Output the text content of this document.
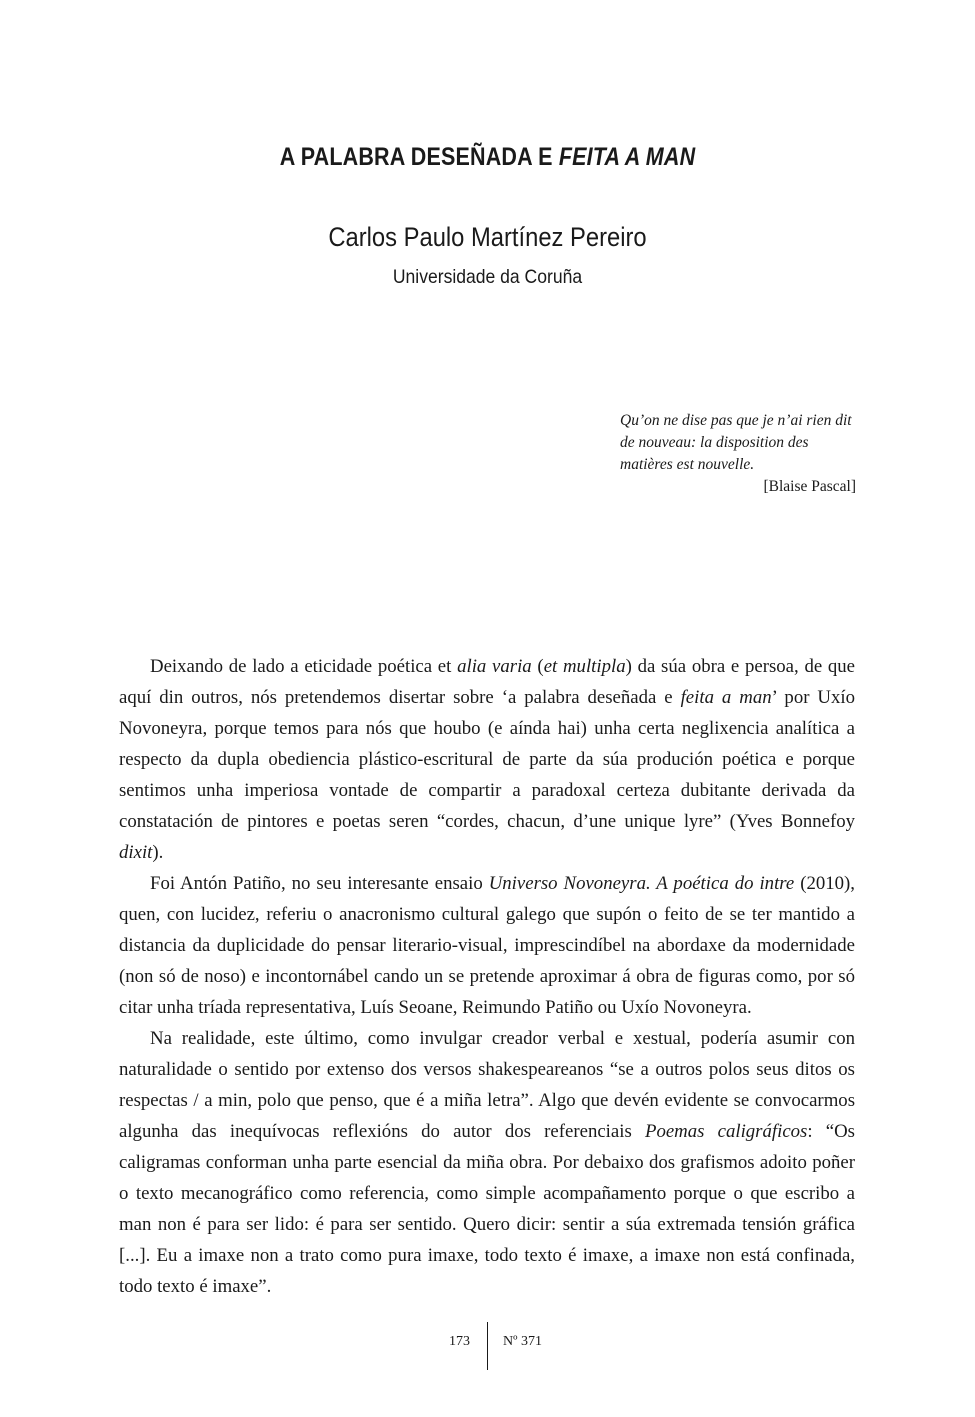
A PALABRA DESEÑADA E FEITA A MAN

Carlos Paulo Martínez Pereiro

Universidade da Coruña

Qu’on ne dise pas que je n’ai rien dit de nouveau: la disposition des matières est nouvelle.

[Blaise Pascal]

Deixando de lado a eticidade poética et alia varia (et multipla) da súa obra e persoa, de que aquí din outros, nós pretendemos disertar sobre ‘a palabra deseñada e feita a man’ por Uxío Novoneyra, porque temos para nós que houbo (e aínda hai) unha certa neglixencia analítica a respecto da dupla obediencia plástico-escritural de parte da súa produción poética e porque sentimos unha imperiosa vontade de compartir a paradoxal certeza dubitante derivada da constatación de pintores e poetas seren “cordes, chacun, d’une unique lyre” (Yves Bonnefoy dixit).

Foi Antón Patiño, no seu interesante ensaio Universo Novoneyra. A poética do intre (2010), quen, con lucidez, referiu o anacronismo cultural galego que supón o feito de se ter mantido a distancia da duplicidade do pensar literario-visual, imprescindíbel na abordaxe da modernidade (non só de noso) e incontornábel cando un se pretende aproximar á obra de figuras como, por só citar unha tríada representativa, Luís Seoane, Reimundo Patiño ou Uxío Novoneyra.

Na realidade, este último, como invulgar creador verbal e xestual, podería asumir con naturalidade o sentido por extenso dos versos shakespeareanos “se a outros polos seus ditos os respectas / a min, polo que penso, que é a miña letra”. Algo que devén evidente se convocarmos algunha das inequívocas reflexións do autor dos referenciais Poemas caligráficos: “Os caligramas conforman unha parte esencial da miña obra. Por debaixo dos grafismos adoito poñer o texto mecanográfico como referencia, como simple acompañamento porque o que escribo a man non é para ser lido: é para ser sentido. Quero dicir: sentir a súa extremada tensión gráfica [...]. Eu a imaxe non a trato como pura imaxe, todo texto é imaxe, a imaxe non está confinada, todo texto é imaxe”.

173 Nº 371
